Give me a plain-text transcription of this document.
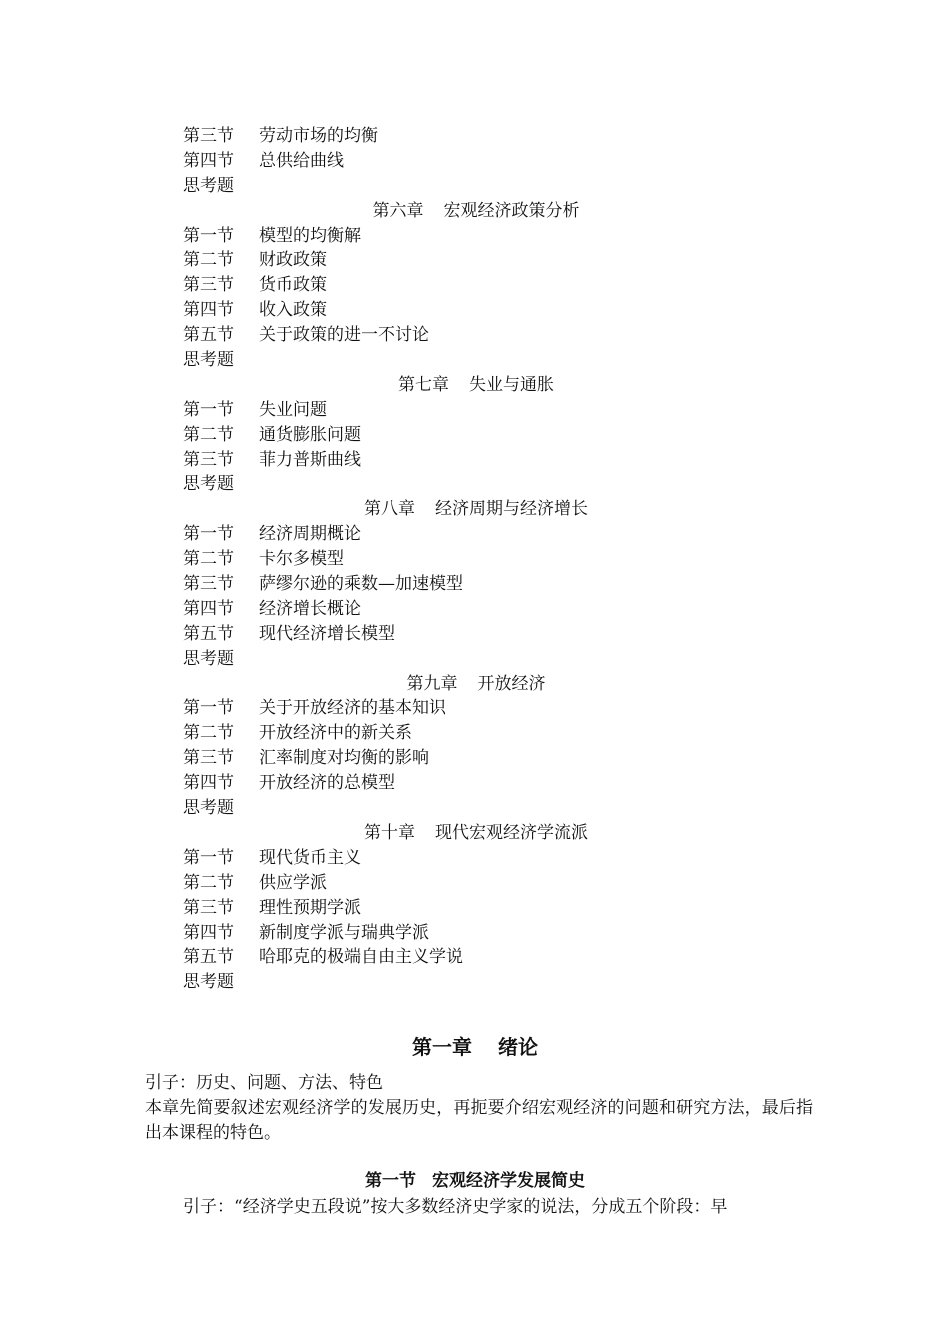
第三节 劳动市场的均衡
第四节 总供给曲线
思考题
第六章 宏观经济政策分析
第一节 模型的均衡解
第二节 财政政策
第三节 货币政策
第四节 收入政策
第五节 关于政策的进一不讨论
思考题
第七章 失业与通胀
第一节 失业问题
第二节 通货膨胀问题
第三节 菲力普斯曲线
思考题
第八章 经济周期与经济增长
第一节 经济周期概论
第二节 卡尔多模型
第三节 萨缪尔逊的乘数—加速模型
第四节 经济增长概论
第五节 现代经济增长模型
思考题
第九章 开放经济
第一节 关于开放经济的基本知识
第二节 开放经济中的新关系
第三节 汇率制度对均衡的影响
第四节 开放经济的总模型
思考题
第十章 现代宏观经济学流派
第一节 现代货币主义
第二节 供应学派
第三节 理性预期学派
第四节 新制度学派与瑞典学派
第五节 哈耶克的极端自由主义学说
思考题
第一章 绪论
引子：历史、问题、方法、特色
本章先简要叙述宏观经济学的发展历史，再扼要介绍宏观经济的问题和研究方法，最后指出本课程的特色。
第一节 宏观经济学发展简史
引子：“经济学史五段说”按大多数经济史学家的说法，分成五个阶段：早
